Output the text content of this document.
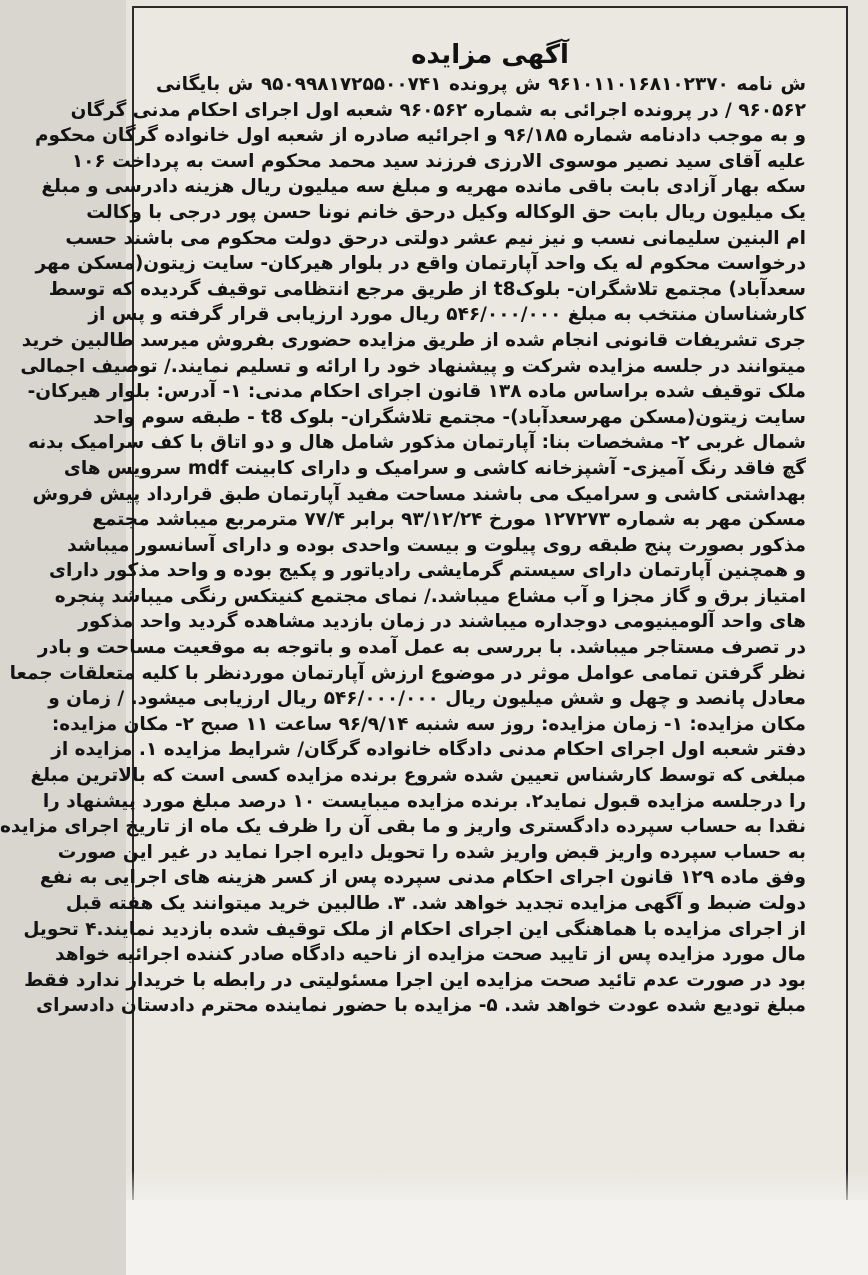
آگهی مزایده
ش نامه ۹۶۱۰۱۱۰۱۶۸۱۰۲۳۷۰ ش پرونده ۹۵۰۹۹۸۱۷۲۵۵۰۰۷۴۱ ش بایگانی
۹۶۰۵۶۲ / در پرونده اجرائی به شماره ۹۶۰۵۶۲ شعبه اول اجرای احکام مدنی گرگان
و به موجب دادنامه شماره ۹۶/۱۸۵ و اجرائیه صادره از شعبه اول خانواده گرگان محکوم
علیه آقای سید نصیر موسوی الارزی فرزند سید محمد محکوم است به پرداخت ۱۰۶
سکه بهار آزادی بابت باقی مانده مهریه و مبلغ سه میلیون ریال هزینه دادرسی و مبلغ
یک میلیون ریال بابت حق الوکاله وکیل درحق خانم نونا حسن پور درجی با وکالت
ام البنین سلیمانی نسب و نیز نیم عشر دولتی درحق دولت محکوم می باشند حسب
درخواست محکوم له یک واحد آپارتمان واقع در بلوار هیرکان- سایت زیتون(مسکن مهر
سعدآباد) مجتمع تلاشگران- بلوکt8 از طریق مرجع انتظامی توقیف گردیده که توسط
کارشناسان منتخب به مبلغ ۵۴۶/۰۰۰/۰۰۰ ریال مورد ارزیابی قرار گرفته و پس از
جری تشریفات قانونی انجام شده از طریق مزایده حضوری بفروش میرسد طالبین خرید
میتوانند در جلسه مزایده شرکت و پیشنهاد خود را ارائه و تسلیم نمایند./ توصیف اجمالی
ملک توقیف شده براساس ماده ۱۳۸ قانون اجرای احکام مدنی: ۱- آدرس: بلوار هیرکان-
سایت زیتون(مسکن مهرسعدآباد)- مجتمع تلاشگران- بلوک t8 - طبقه سوم واحد
شمال غربی ۲- مشخصات بنا: آپارتمان مذکور شامل هال و دو اتاق با کف سرامیک بدنه
گچ فاقد رنگ آمیزی- آشپزخانه کاشی و سرامیک و دارای کابینت mdf سرویس های
بهداشتی کاشی و سرامیک می باشند مساحت مفید آپارتمان طبق قرارداد پیش فروش
مسکن مهر به شماره ۱۲۷۲۷۳ مورخ ۹۳/۱۲/۲۴ برابر ۷۷/۴ مترمربع میباشد مجتمع
مذکور بصورت پنج طبقه روی پیلوت و بیست واحدی بوده و دارای آسانسور میباشد
و همچنین آپارتمان دارای سیستم گرمایشی رادیاتور و پکیج بوده و واحد مذکور دارای
امتیاز برق و گاز مجزا و آب مشاع میباشد./ نمای مجتمع کنیتکس رنگی میباشد پنجره
های واحد آلومینیومی دوجداره میباشند در زمان بازدید مشاهده گردید واحد مذکور
در تصرف مستاجر میباشد. با بررسی به عمل آمده و باتوجه به موقعیت مساحت و بادر
نظر گرفتن تمامی عوامل موثر در موضوع ارزش آپارتمان موردنظر با کلیه متعلقات جمعا
معادل پانصد و چهل و شش میلیون ریال ۵۴۶/۰۰۰/۰۰۰ ریال ارزیابی میشود. / زمان و
مکان مزایده: ۱- زمان مزایده: روز سه شنبه ۹۶/۹/۱۴ ساعت ۱۱ صبح ۲- مکان مزایده:
دفتر شعبه اول اجرای احکام مدنی دادگاه خانواده گرگان/ شرایط مزایده ۱. مزایده از
مبلغی که توسط کارشناس تعیین شده شروع برنده مزایده کسی است که بالاترین مبلغ
را درجلسه مزایده قبول نماید۲. برنده مزایده میبایست ۱۰ درصد مبلغ مورد پیشنهاد را
نقدا به حساب سپرده دادگستری واریز و ما بقی آن را ظرف یک ماه از تاریخ اجرای مزایده
به حساب سپرده واریز قبض واریز شده را تحویل دایره اجرا نماید در غیر این صورت
وفق ماده ۱۲۹ قانون اجرای احکام مدنی سپرده پس از کسر هزینه های اجرایی به نفع
دولت ضبط و آگهی مزایده تجدید خواهد شد. ۳. طالبین خرید میتوانند یک هفته قبل
از اجرای مزایده با هماهنگی این اجرای احکام از ملک توقیف شده بازدید نمایند.۴ تحویل
مال مورد مزایده پس از تایید صحت مزایده از ناحیه دادگاه صادر کننده اجرائیه خواهد
بود در صورت عدم تائید صحت مزایده این اجرا مسئولیتی در رابطه با خریدار ندارد فقط
مبلغ تودیع شده عودت خواهد شد. ۵- مزایده با حضور نماینده محترم دادستان دادسرای
